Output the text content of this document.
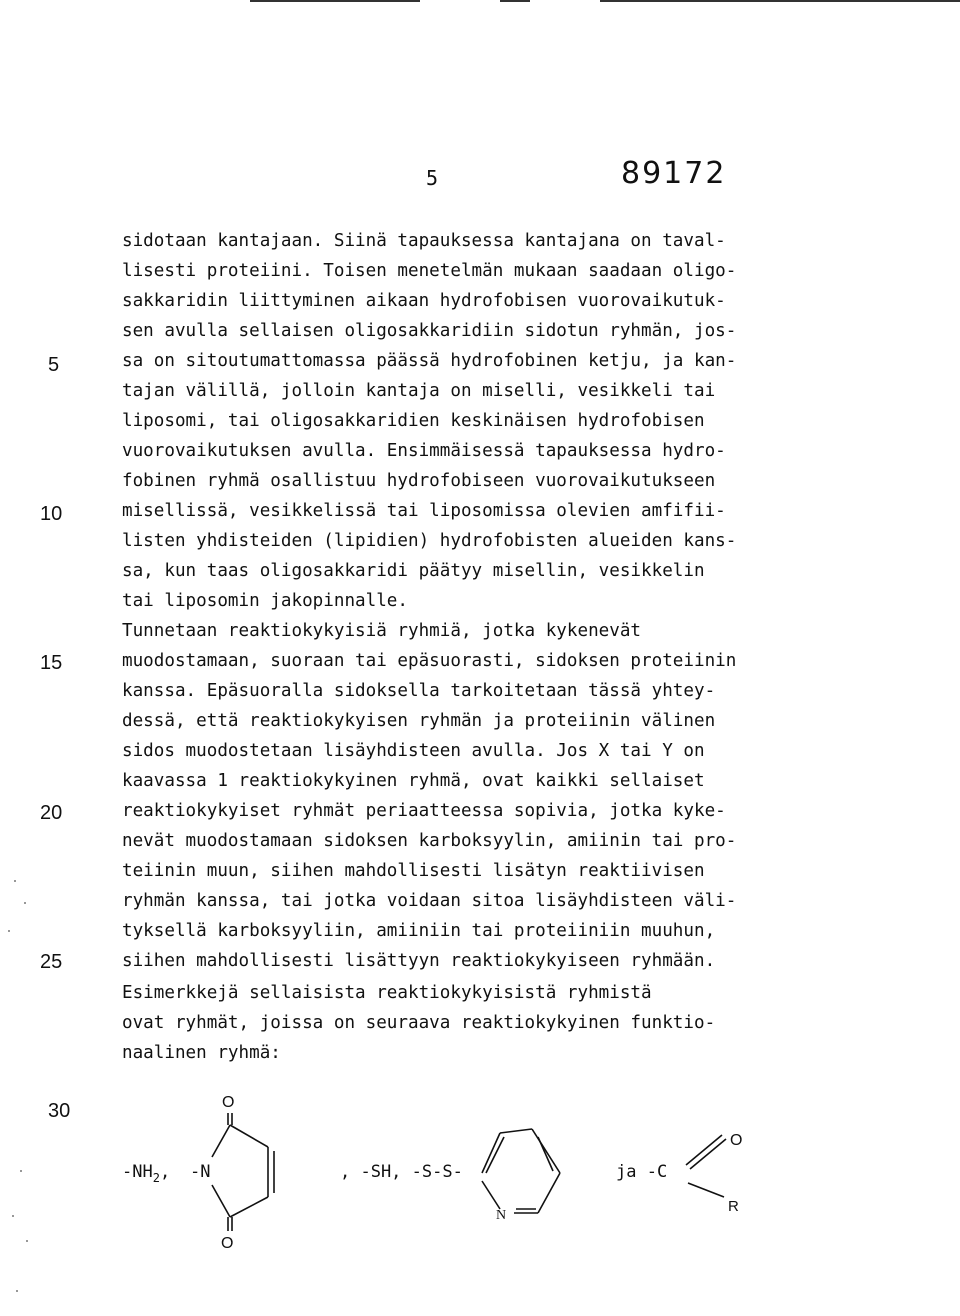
5	89172
5
10
15
20
25
30
sidotaan kantajaan. Siinä tapauksessa kantajana on taval-
lisesti proteiini. Toisen menetelmän mukaan saadaan oligo-
sakkaridin liittyminen aikaan hydrofobisen vuorovaikutuk-
sen avulla sellaisen oligosakkaridiin sidotun ryhmän, jos-
sa on sitoutumattomassa päässä hydrofobinen ketju, ja kan-
tajan välillä, jolloin kantaja on miselli, vesikkeli tai
liposomi, tai oligosakkaridien keskinäisen hydrofobisen
vuorovaikutuksen avulla. Ensimmäisessä tapauksessa hydro-
fobinen ryhmä osallistuu hydrofobiseen vuorovaikutukseen
misellissä, vesikkelissä tai liposomissa olevien amfifii-
listen yhdisteiden (lipidien) hydrofobisten alueiden kans-
sa, kun taas oligosakkaridi päätyy misellin, vesikkelin
tai liposomin jakopinnalle.
Tunnetaan reaktiokykyisiä ryhmiä, jotka kykenevät
muodostamaan, suoraan tai epäsuorasti, sidoksen proteiinin
kanssa. Epäsuoralla sidoksella tarkoitetaan tässä yhtey-
dessä, että reaktiokykyisen ryhmän ja proteiinin välinen
sidos muodostetaan lisäyhdisteen avulla. Jos X tai Y on
kaavassa 1 reaktiokykyinen ryhmä, ovat kaikki sellaiset
reaktiokykyiset ryhmät periaatteessa sopivia, jotka kyke-
nevät muodostamaan sidoksen karboksyylin, amiinin tai pro-
teiinin muun, siihen mahdollisesti lisätyn reaktiivisen
ryhmän kanssa, tai jotka voidaan sitoa lisäyhdisteen väli-
tyksellä karboksyyliin, amiiniin tai proteiiniin muuhun,
siihen mahdollisesti lisättyyn reaktiokykyiseen ryhmään.
Esimerkkejä sellaisista reaktiokykyisistä ryhmistä
ovat ryhmät, joissa on seuraava reaktiokykyinen funktio-
naalinen ryhmä:
$-NH_2$, -N
O
O
, -SH, -S-S-
N
ja -C
O
R
